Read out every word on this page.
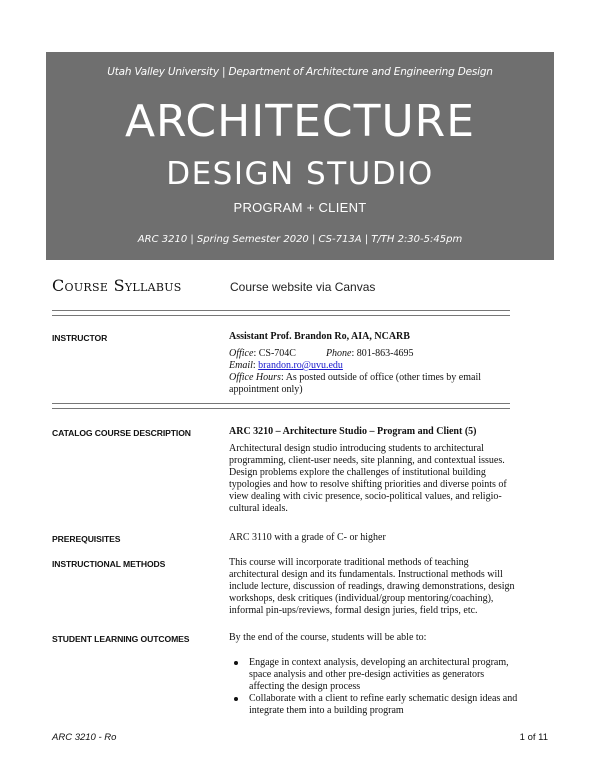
Utah Valley University | Department of Architecture and Engineering Design
ARCHITECTURE
DESIGN STUDIO
PROGRAM + CLIENT
ARC 3210 | Spring Semester 2020 | CS-713A | T/TH 2:30-5:45pm
Course Syllabus	Course website via Canvas
INSTRUCTOR	Assistant Prof. Brandon Ro, AIA, NCARB

Office: CS-704C	Phone: 801-863-4695

Email: brandon.ro@uvu.edu

Office Hours: As posted outside of office (other times by email appointment only)

CATALOG COURSE DESCRIPTION	ARC 3210 – Architecture Studio – Program and Client (5)

Architectural design studio introducing students to architectural programming, client-user needs, site planning, and contextual issues. Design problems explore the challenges of institutional building typologies and how to resolve shifting priorities and diverse points of view dealing with civic presence, socio-political values, and religio-cultural ideals.

PREREQUISITES	ARC 3110 with a grade of C- or higher
INSTRUCTIONAL METHODS	This course will incorporate traditional methods of teaching architectural design and its fundamentals. Instructional methods will include lecture, discussion of readings, drawing demonstrations, design workshops, desk critiques (individual/group mentoring/coaching), informal pin-ups/reviews, formal design juries, field trips, etc.
STUDENT LEARNING OUTCOMES	By the end of the course, students will be able to:

Engage in context analysis, developing an architectural program, space analysis and other pre-design activities as generators affecting the design process
Collaborate with a client to refine early schematic design ideas and integrate them into a building program
ARC 3210 - Ro	1 of 11
